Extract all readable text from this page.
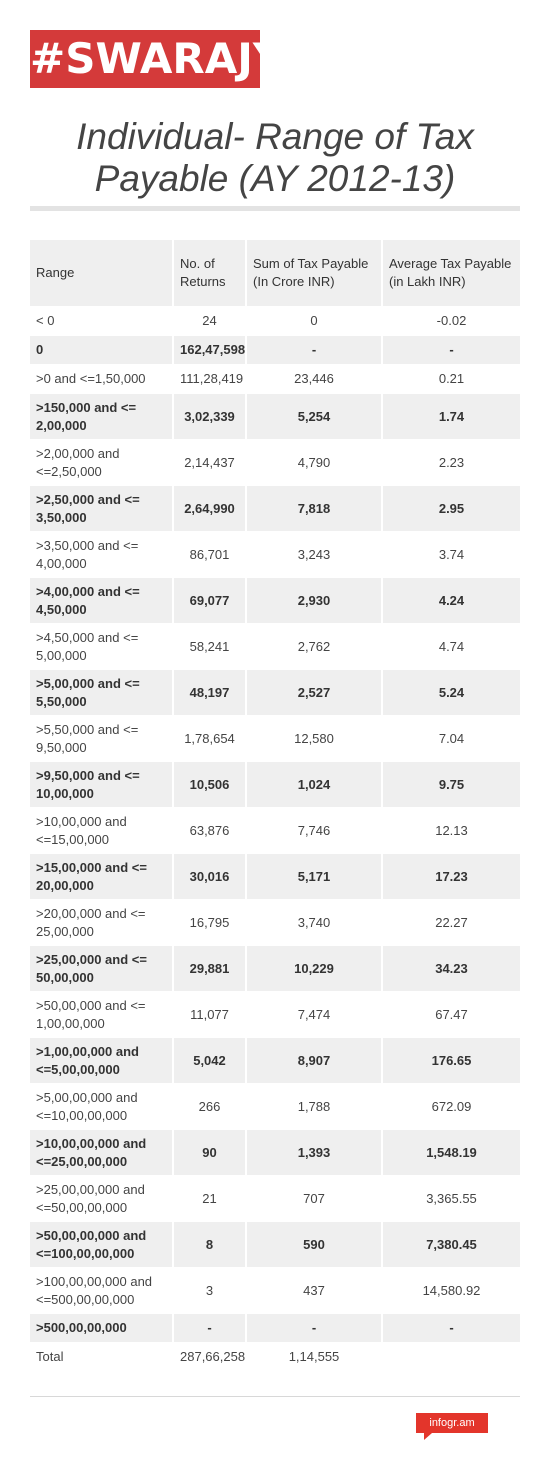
#SWARAJYA
Individual- Range of Tax Payable (AY 2012-13)
Range	No. of Returns	Sum of Tax Payable (In Crore INR)	Average Tax Payable (in Lakh INR)
< 0	24	0	-0.02
0	162,47,598	-	-
>0 and <=1,50,000	111,28,419	23,446	0.21
>150,000 and <= 2,00,000	3,02,339	5,254	1.74
>2,00,000 and <=2,50,000	2,14,437	4,790	2.23
>2,50,000 and <= 3,50,000	2,64,990	7,818	2.95
>3,50,000 and <= 4,00,000	86,701	3,243	3.74
>4,00,000 and <= 4,50,000	69,077	2,930	4.24
>4,50,000 and <= 5,00,000	58,241	2,762	4.74
>5,00,000 and <= 5,50,000	48,197	2,527	5.24
>5,50,000 and <= 9,50,000	1,78,654	12,580	7.04
>9,50,000 and <= 10,00,000	10,506	1,024	9.75
>10,00,000 and <=15,00,000	63,876	7,746	12.13
>15,00,000 and <= 20,00,000	30,016	5,171	17.23
>20,00,000 and <= 25,00,000	16,795	3,740	22.27
>25,00,000 and <= 50,00,000	29,881	10,229	34.23
>50,00,000 and <= 1,00,00,000	11,077	7,474	67.47
>1,00,00,000 and <=5,00,00,000	5,042	8,907	176.65
>5,00,00,000 and <=10,00,00,000	266	1,788	672.09
>10,00,00,000 and <=25,00,00,000	90	1,393	1,548.19
>25,00,00,000 and <=50,00,00,000	21	707	3,365.55
>50,00,00,000 and <=100,00,00,000	8	590	7,380.45
>100,00,00,000 and <=500,00,00,000	3	437	14,580.92
>500,00,00,000	-	-	-
Total	287,66,258	1,14,555	
infogr.am
